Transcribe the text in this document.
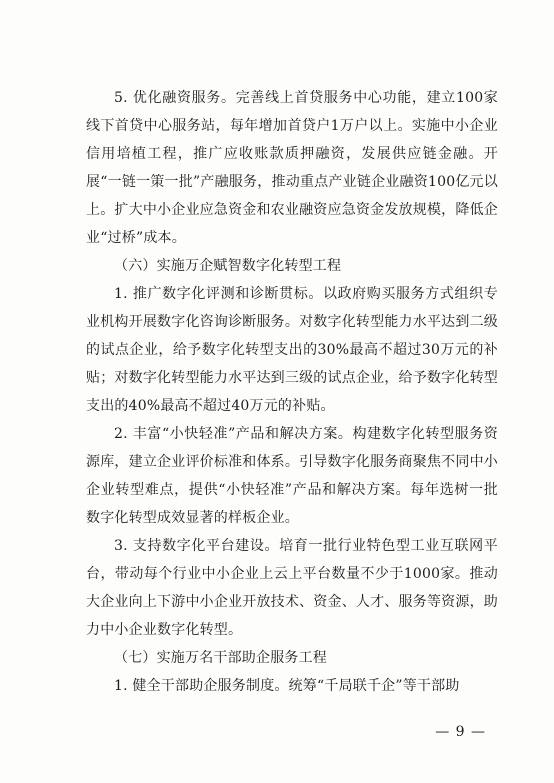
5. 优化融资服务。完善线上首贷服务中心功能，建立100家线下首贷中心服务站，每年增加首贷户1万户以上。实施中小企业信用培植工程，推广应收账款质押融资，发展供应链金融。开展“一链一策一批”产融服务，推动重点产业链企业融资100亿元以上。扩大中小企业应急资金和农业融资应急资金发放规模，降低企业“过桥”成本。

（六）实施万企赋智数字化转型工程

1. 推广数字化评测和诊断贯标。以政府购买服务方式组织专业机构开展数字化咨询诊断服务。对数字化转型能力水平达到二级的试点企业，给予数字化转型支出的30%最高不超过30万元的补贴；对数字化转型能力水平达到三级的试点企业，给予数字化转型支出的40%最高不超过40万元的补贴。

2. 丰富“小快轻准”产品和解决方案。构建数字化转型服务资源库，建立企业评价标准和体系。引导数字化服务商聚焦不同中小企业转型难点，提供“小快轻准”产品和解决方案。每年选树一批数字化转型成效显著的样板企业。

3. 支持数字化平台建设。培育一批行业特色型工业互联网平台，带动每个行业中小企业上云上平台数量不少于1000家。推动大企业向上下游中小企业开放技术、资金、人才、服务等资源，助力中小企业数字化转型。

（七）实施万名干部助企服务工程

1. 健全干部助企服务制度。统筹“千局联千企”等干部助

— 9 —
